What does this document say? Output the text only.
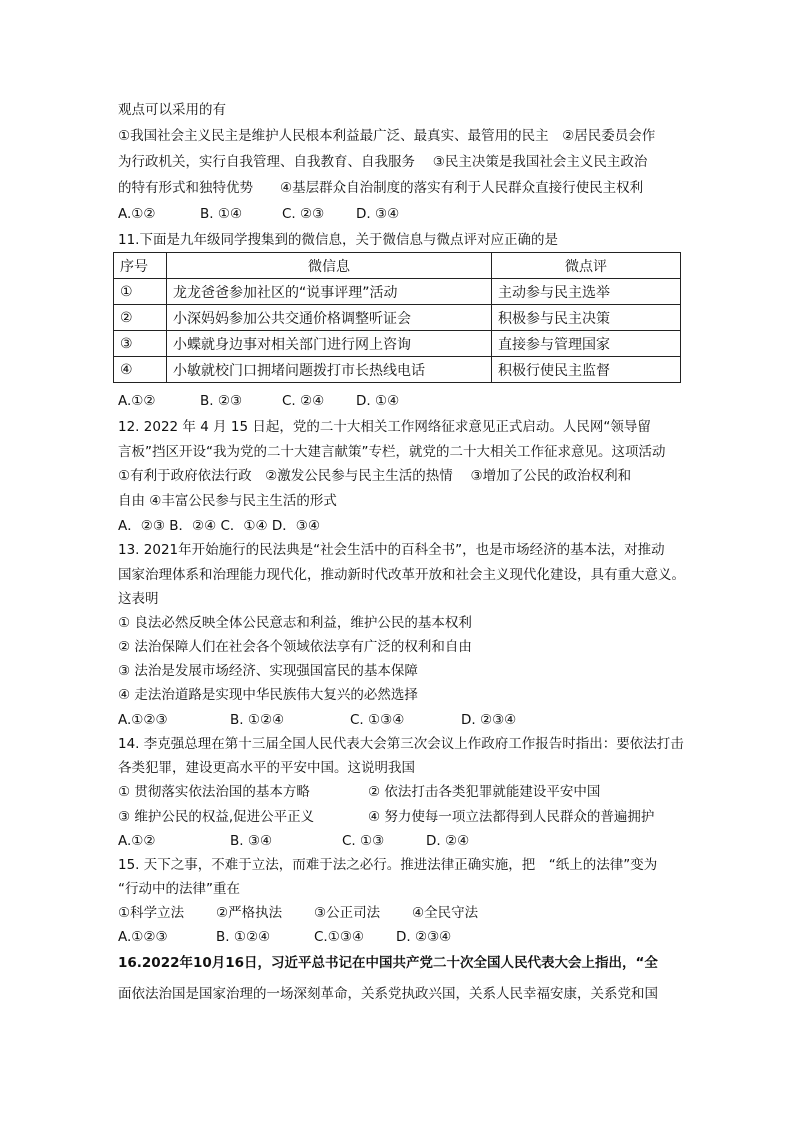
观点可以采用的有
①我国社会主义民主是维护人民根本利益最广泛、最真实、最管用的民主　②居民委员会作
为行政机关，实行自我管理、自我教育、自我服务　 ③民主决策是我国社会主义民主政治
的特有形式和独特优势　　④基层群众自治制度的落实有利于人民群众直接行使民主权利
A.①②	B. ①④	C. ②③ D. ③④
11.下面是九年级同学搜集到的微信息，关于微信息与微点评对应正确的是
序号	微信息	微点评
①	龙龙爸爸参加社区的“说事评理”活动	主动参与民主选举
②	小深妈妈参加公共交通价格调整听证会	积极参与民主决策
③	小蝶就身边事对相关部门进行网上咨询	直接参与管理国家
④	小敏就校门口拥堵问题拨打市长热线电话	积极行使民主监督
A.①②	B. ②③	C. ②④ D. ①④
12. 2022 年 4 月 15 日起，党的二十大相关工作网络征求意见正式启动。人民网“领导留
言板”挡区开设“我为党的二十大建言献策”专栏，就党的二十大相关工作征求意见。这项活动
①有利于政府依法行政　②激发公民参与民主生活的热情　 ③增加了公民的政治权利和
自由 ④丰富公民参与民主生活的形式
A．②③ B．②④ C．①④ D．③④
13. 2021年开始施行的民法典是“社会生活中的百科全书”，也是市场经济的基本法，对推动
国家治理体系和治理能力现代化，推动新时代改革开放和社会主义现代化建设，具有重大意义。
这表明
① 良法必然反映全体公民意志和利益，维护公民的基本权利
② 法治保障人们在社会各个领域依法享有广泛的权利和自由
③ 法治是发展市场经济、实现强国富民的基本保障
④ 走法治道路是实现中华民族伟大复兴的必然选择
A.①②③	B. ①②④	C. ①③④	D. ②③④
14. 李克强总理在第十三届全国人民代表大会第三次会议上作政府工作报告时指出：要依法打击
各类犯罪，建设更高水平的平安中国。这说明我国
① 贯彻落实依法治国的基本方略	② 依法打击各类犯罪就能建设平安中国
③ 维护公民的权益,促进公平正义	④ 努力使每一项立法都得到人民群众的普遍拥护
A.①②	B. ③④	C. ①③	D. ②④
15. 天下之事，不难于立法，而难于法之必行。推进法律正确实施，把　“纸上的法律”变为
“行动中的法律”重在
①科学立法 ②严格执法 ③公正司法 ④全民守法
A.①②③	B. ①②④	C.①③④ D. ②③④
16.2022年10月16日，习近平总书记在中国共产党二十次全国人民代表大会上指出，“全
面依法治国是国家治理的一场深刻革命，关系党执政兴国，关系人民幸福安康，关系党和国
